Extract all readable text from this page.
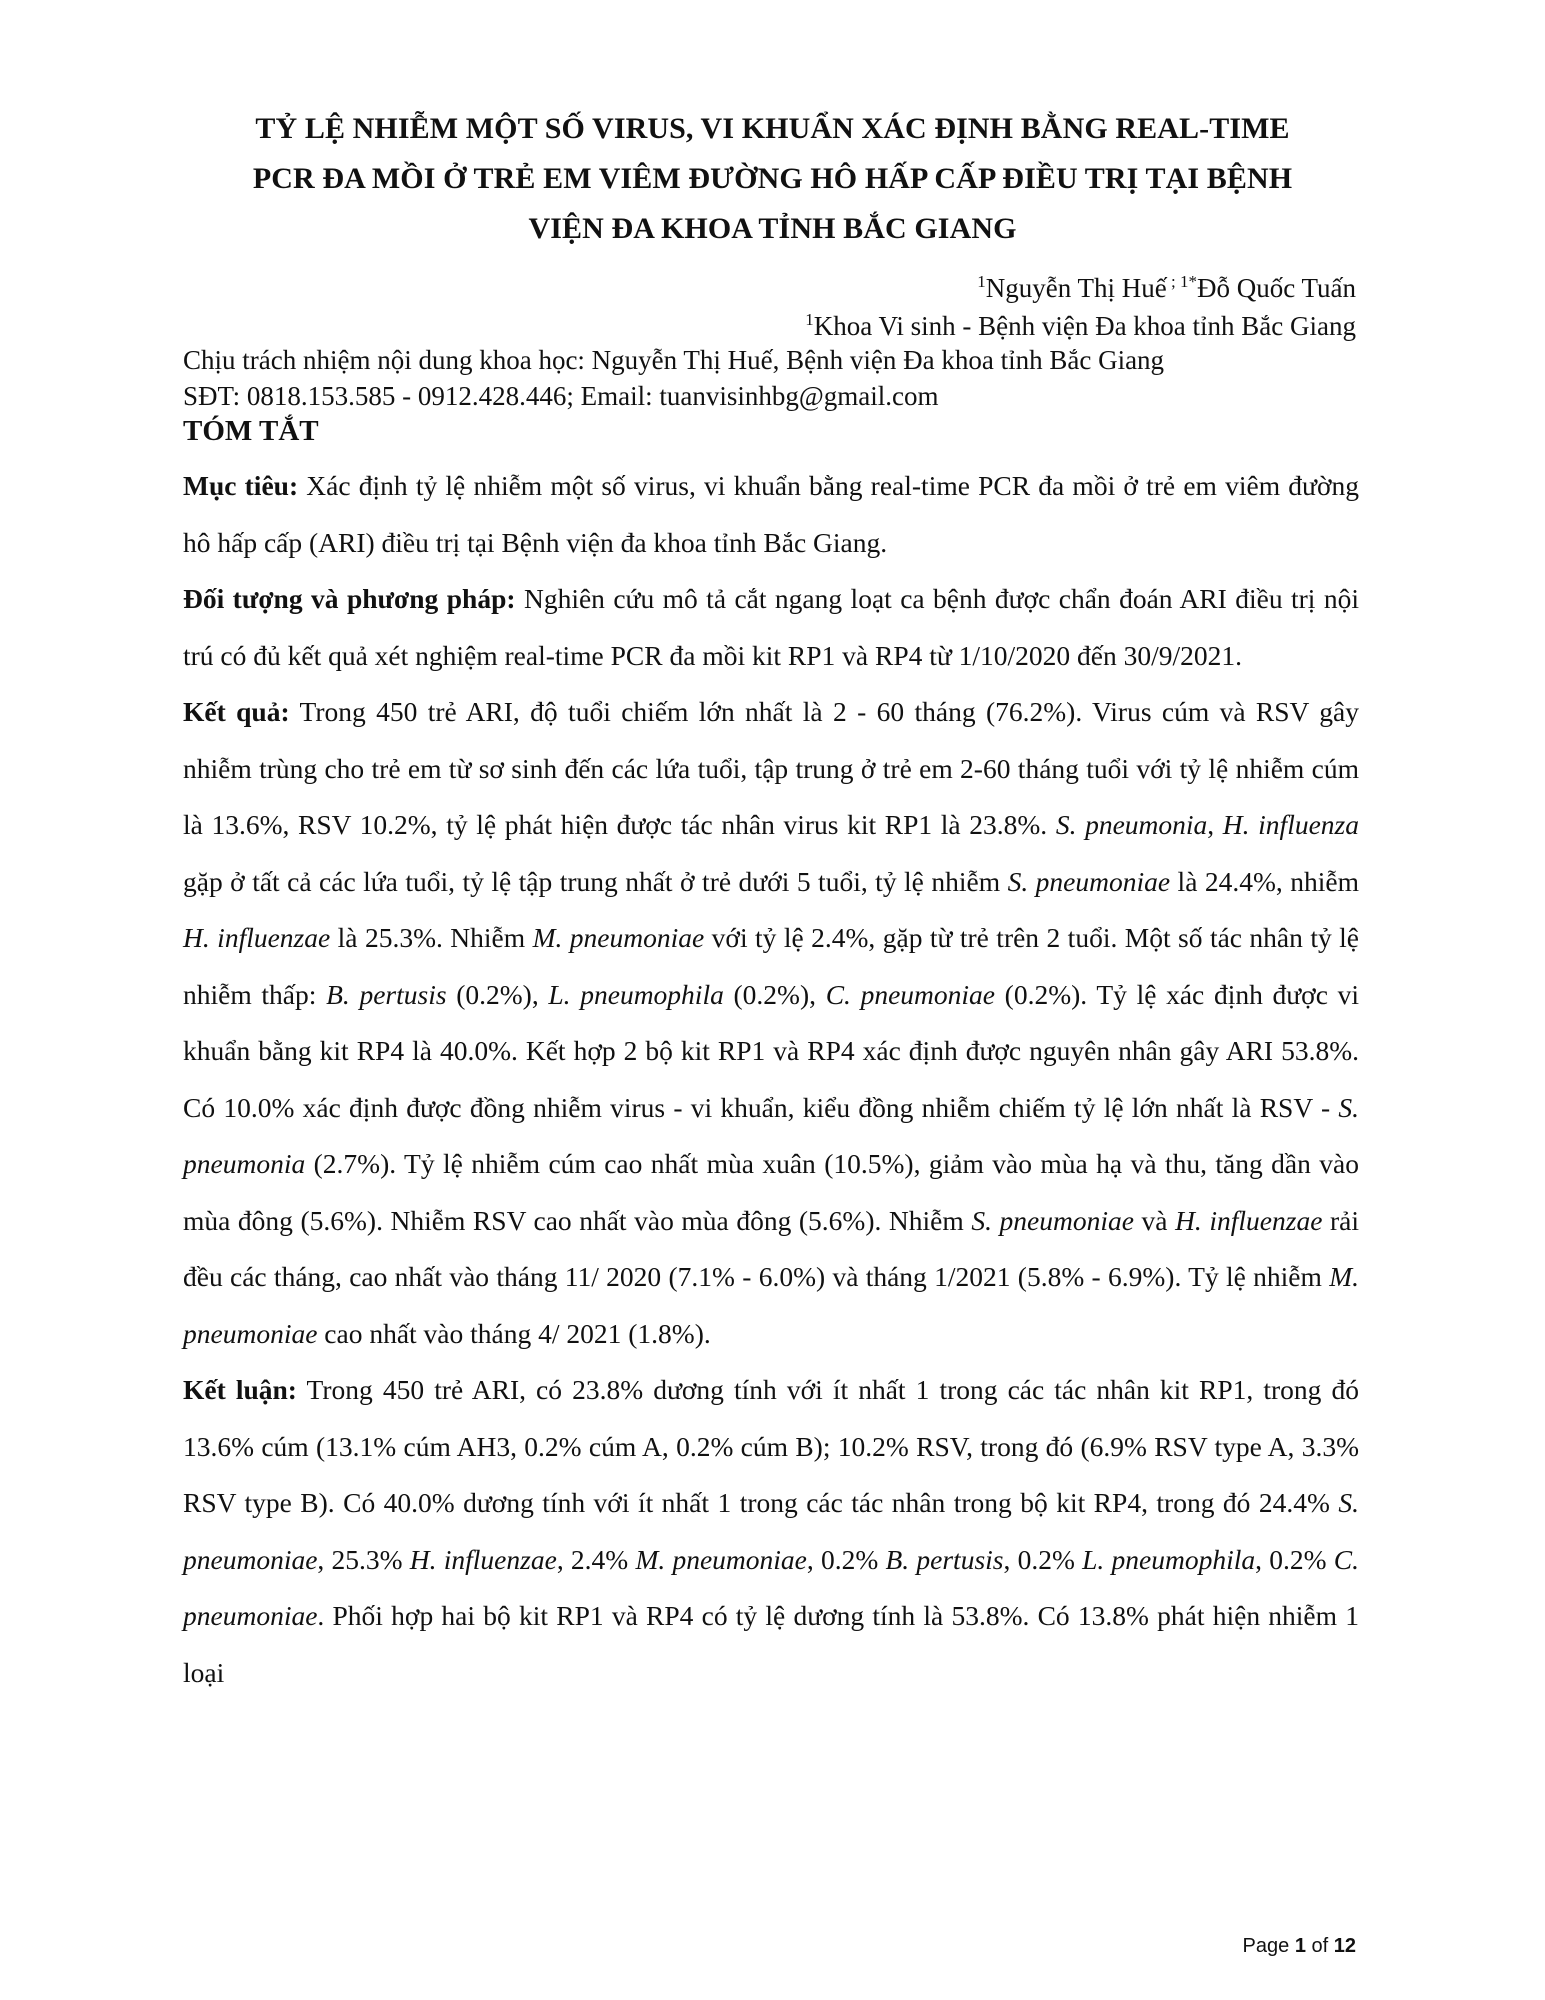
TỶ LỆ NHIỄM MỘT SỐ VIRUS, VI KHUẨN XÁC ĐỊNH BẰNG REAL-TIME
PCR ĐA MỒI Ở TRẺ EM VIÊM ĐƯỜNG HÔ HẤP CẤP ĐIỀU TRỊ TẠI BỆNH
VIỆN ĐA KHOA TỈNH BẮC GIANG
$^1$Nguyễn Thị Huế ; $^{1*}$Đỗ Quốc Tuấn
$^1$Khoa Vi sinh - Bệnh viện Đa khoa tỉnh Bắc Giang
Chịu trách nhiệm nội dung khoa học: Nguyễn Thị Huế, Bệnh viện Đa khoa tỉnh Bắc Giang
SĐT: 0818.153.585 - 0912.428.446; Email: tuanvisinhbg@gmail.com
TÓM TẮT

Mục tiêu: Xác định tỷ lệ nhiễm một số virus, vi khuẩn bằng real-time PCR đa mồi ở trẻ em viêm đường hô hấp cấp (ARI) điều trị tại Bệnh viện đa khoa tỉnh Bắc Giang.

Đối tượng và phương pháp: Nghiên cứu mô tả cắt ngang loạt ca bệnh được chẩn đoán ARI điều trị nội trú có đủ kết quả xét nghiệm real-time PCR đa mồi kit RP1 và RP4 từ 1/10/2020 đến 30/9/2021.

Kết quả: Trong 450 trẻ ARI, độ tuổi chiếm lớn nhất là 2 - 60 tháng (76.2%). Virus cúm và RSV gây nhiễm trùng cho trẻ em từ sơ sinh đến các lứa tuổi, tập trung ở trẻ em 2-60 tháng tuổi với tỷ lệ nhiễm cúm là 13.6%, RSV 10.2%, tỷ lệ phát hiện được tác nhân virus kit RP1 là 23.8%. S. pneumonia, H. influenza gặp ở tất cả các lứa tuổi, tỷ lệ tập trung nhất ở trẻ dưới 5 tuổi, tỷ lệ nhiễm S. pneumoniae là 24.4%, nhiễm H. influenzae là 25.3%. Nhiễm M. pneumoniae với tỷ lệ 2.4%, gặp từ trẻ trên 2 tuổi. Một số tác nhân tỷ lệ nhiễm thấp: B. pertusis (0.2%), L. pneumophila (0.2%), C. pneumoniae (0.2%). Tỷ lệ xác định được vi khuẩn bằng kit RP4 là 40.0%. Kết hợp 2 bộ kit RP1 và RP4 xác định được nguyên nhân gây ARI 53.8%. Có 10.0% xác định được đồng nhiễm virus - vi khuẩn, kiểu đồng nhiễm chiếm tỷ lệ lớn nhất là RSV - S. pneumonia (2.7%). Tỷ lệ nhiễm cúm cao nhất mùa xuân (10.5%), giảm vào mùa hạ và thu, tăng dần vào mùa đông (5.6%). Nhiễm RSV cao nhất vào mùa đông (5.6%). Nhiễm S. pneumoniae và H. influenzae rải đều các tháng, cao nhất vào tháng 11/ 2020 (7.1% - 6.0%) và tháng 1/2021 (5.8% - 6.9%). Tỷ lệ nhiễm M. pneumoniae cao nhất vào tháng 4/ 2021 (1.8%).

Kết luận: Trong 450 trẻ ARI, có 23.8% dương tính với ít nhất 1 trong các tác nhân kit RP1, trong đó 13.6% cúm (13.1% cúm AH3, 0.2% cúm A, 0.2% cúm B); 10.2% RSV, trong đó (6.9% RSV type A, 3.3% RSV type B). Có 40.0% dương tính với ít nhất 1 trong các tác nhân trong bộ kit RP4, trong đó 24.4% S. pneumoniae, 25.3% H. influenzae, 2.4% M. pneumoniae, 0.2% B. pertusis, 0.2% L. pneumophila, 0.2% C. pneumoniae. Phối hợp hai bộ kit RP1 và RP4 có tỷ lệ dương tính là 53.8%. Có 13.8% phát hiện nhiễm 1 loại

Page 1 of 12
